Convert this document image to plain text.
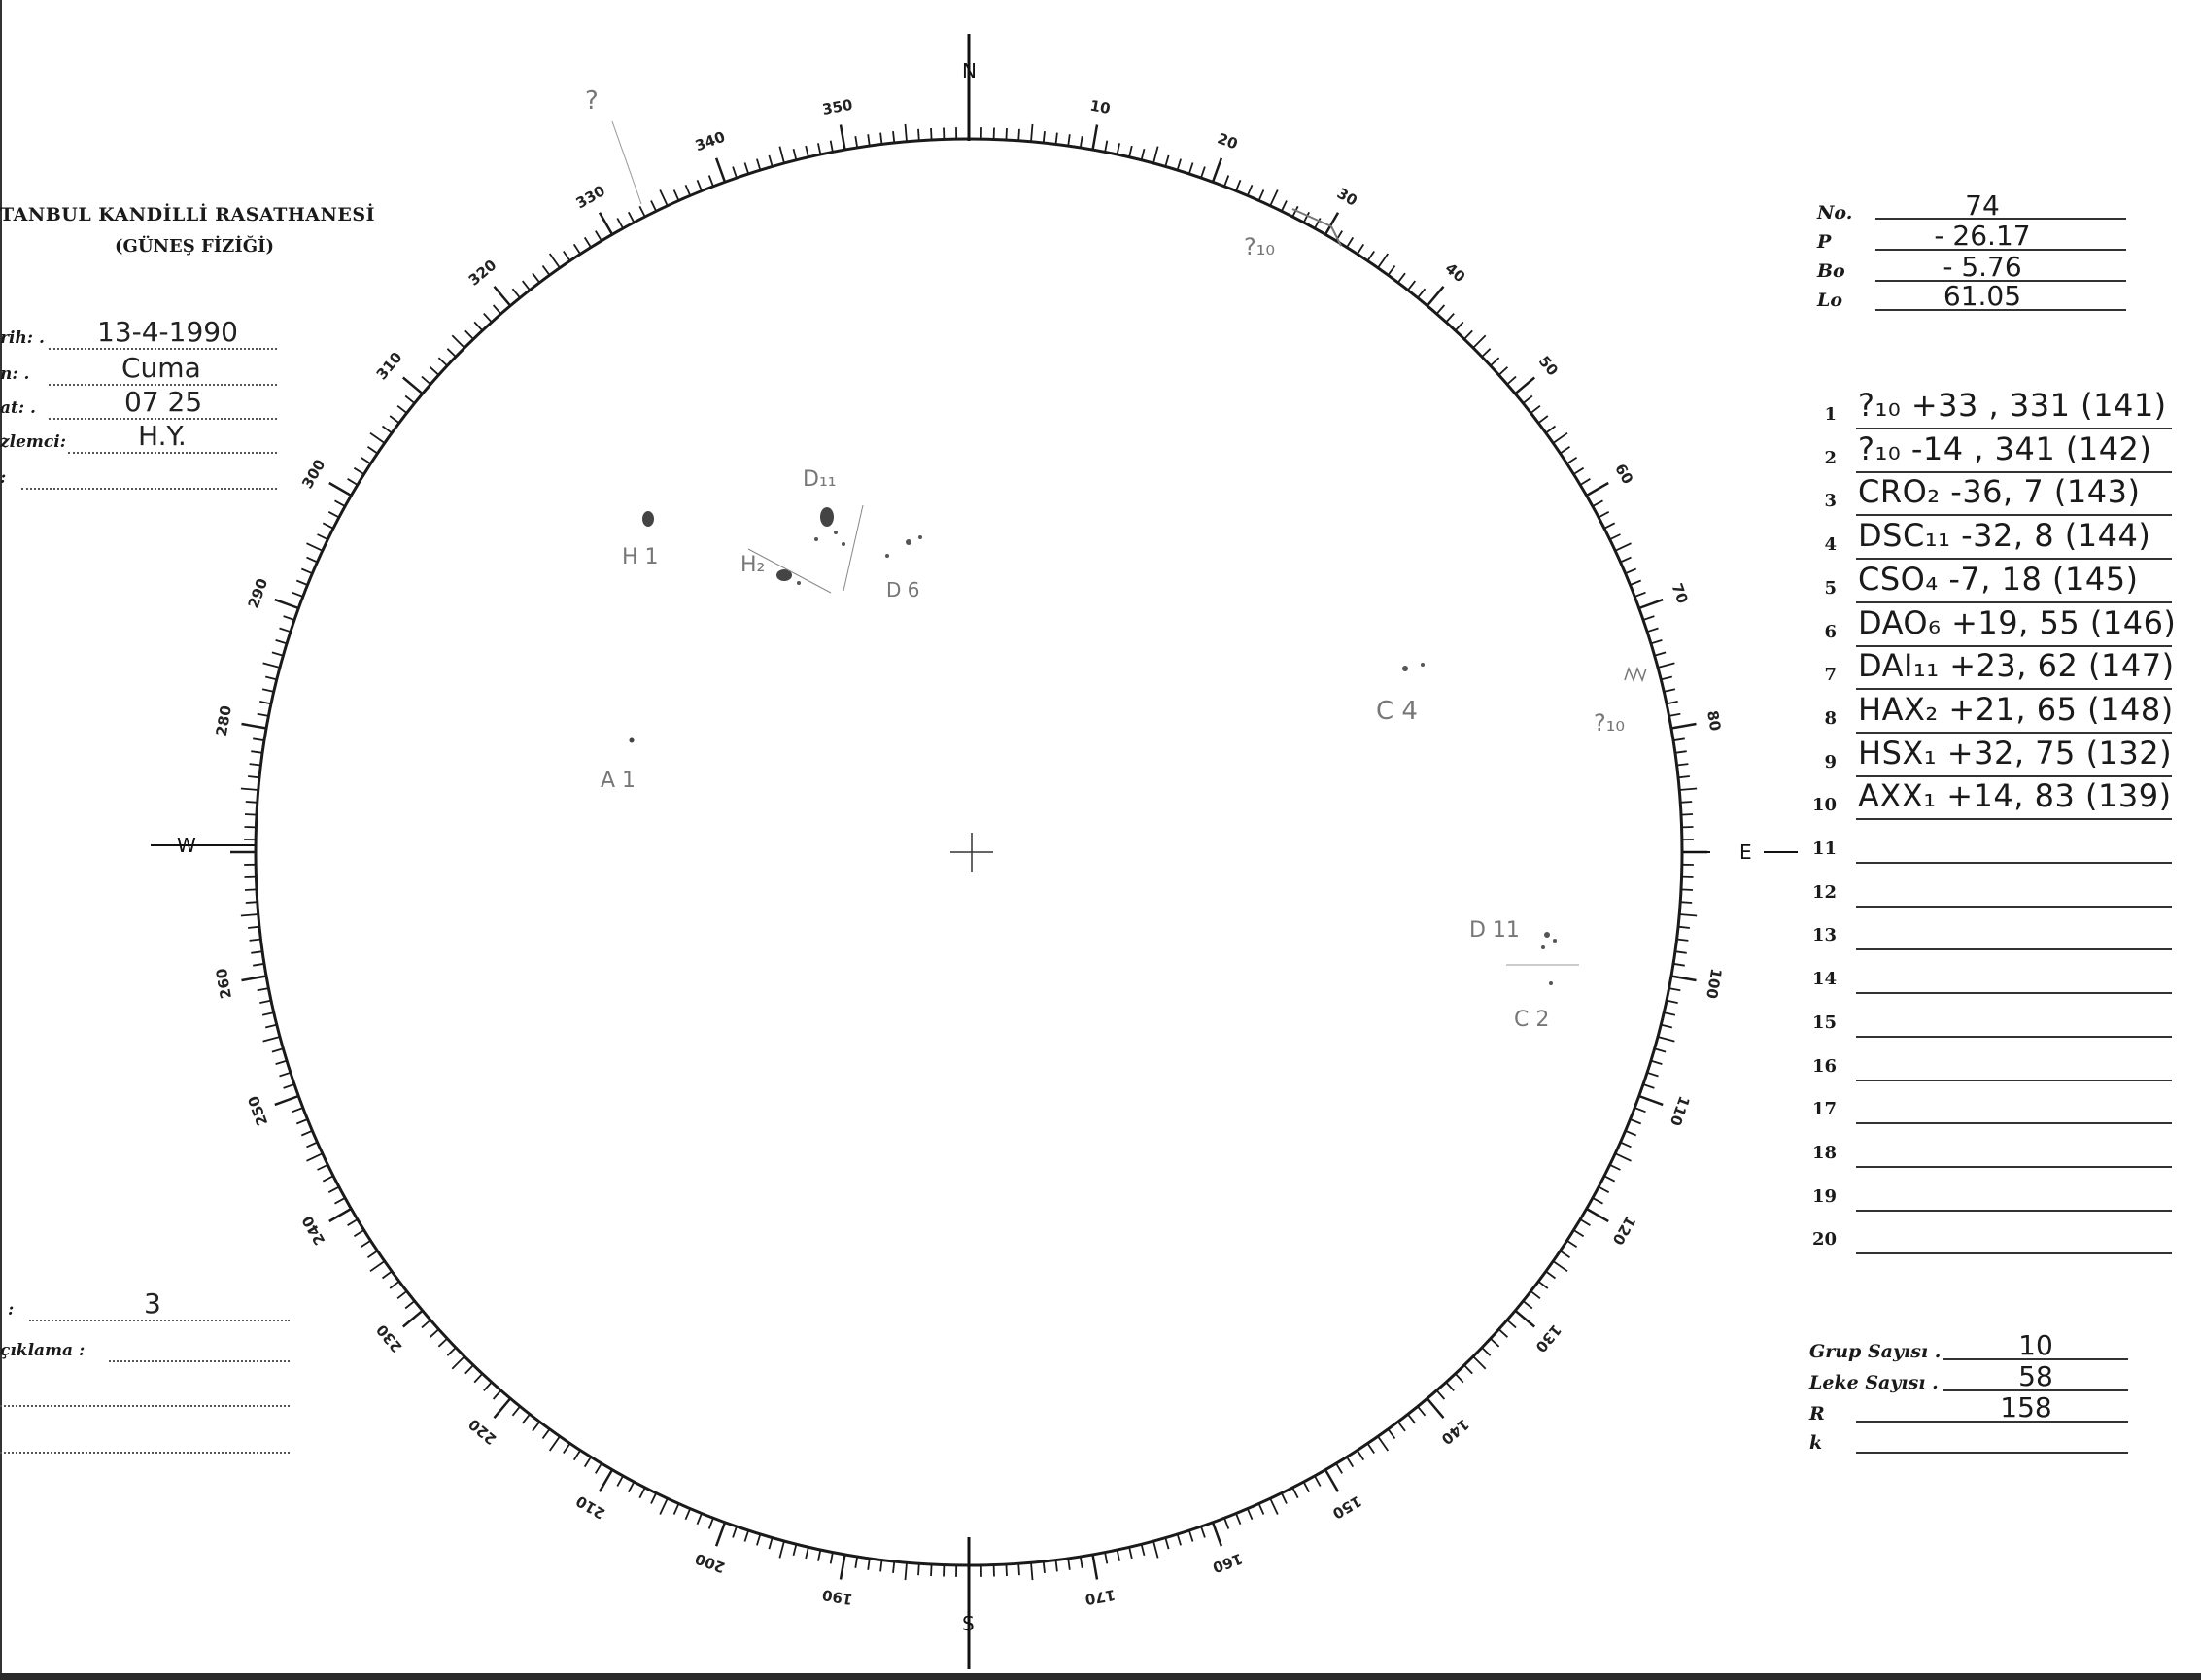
TANBUL KANDİLLİ RASATHANESİ
(GÜNEŞ FİZİĞİ)
rih: . 13-4-1990
n: .	Cuma
at: .	07 25
zlemci:	H.Y.
:
:	3
çıklama :
No.	74
P	- 26.17
Bo	- 5.76
Lo	61.05
1 ?₁₀ +33 , 331 (141)
2 ?₁₀ -14 , 341 (142)
3 CRO₂ -36, 7 (143)
4 DSC₁₁ -32, 8 (144)
5 CSO₄ -7, 18 (145)
6 DAO₆ +19, 55 (146)
7 DAI₁₁ +23, 62 (147)
8 HAX₂ +21, 65 (148)
9 HSX₁ +32, 75 (132)
10 AXX₁ +14, 83 (139)
11
12
13
14
15
16
17
18
19
20
Grup Sayısı .	10
Leke Sayısı .	58
R	158
k
10
20
30
40
50
60
70
80
100
110
120
130
140
150
160
170
190
200
210
220
230
240
250
260
280
290
300
310
320
330
340
350
N
S
E
W
H 1
D₁₁
H₂
D 6
A 1
C 4	?₁₀
?₁₀
?
D 11
C 2
